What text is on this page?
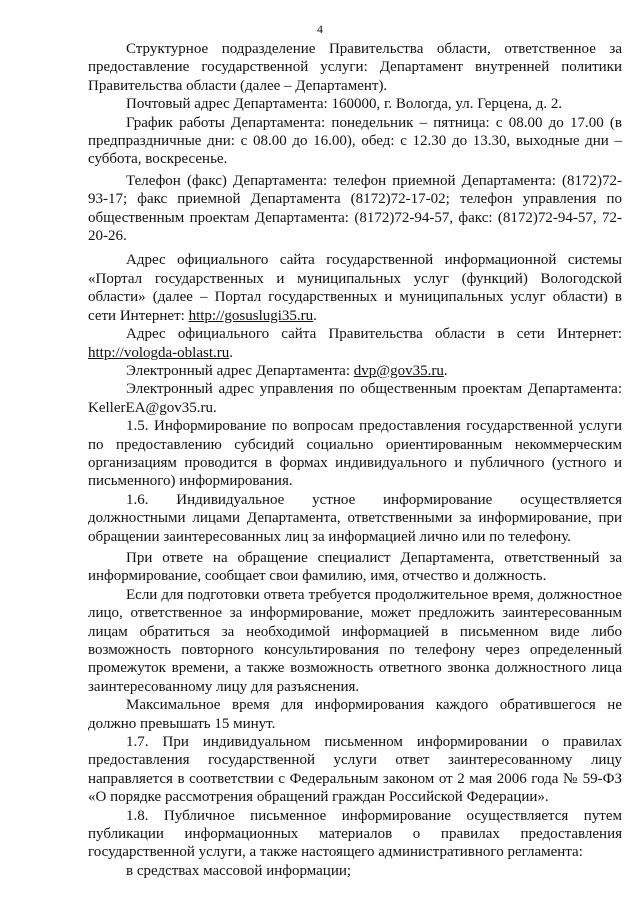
4

Структурное подразделение Правительства области, ответственное за предоставление государственной услуги: Департамент внутренней политики Правительства области (далее – Департамент).

Почтовый адрес Департамента: 160000, г. Вологда, ул. Герцена, д. 2.

График работы Департамента: понедельник – пятница: с 08.00 до 17.00 (в предпраздничные дни: с 08.00 до 16.00), обед: с 12.30 до 13.30, выходные дни – суббота, воскресенье.

Телефон (факс) Департамента: телефон приемной Департамента: (8172)72-93-17; факс приемной Департамента (8172)72-17-02; телефон управления по общественным проектам Департамента: (8172)72-94-57, факс: (8172)72-94-57, 72-20-26.

Адрес официального сайта государственной информационной системы «Портал государственных и муниципальных услуг (функций) Вологодской области» (далее – Портал государственных и муниципальных услуг области) в сети Интернет: http://gosuslugi35.ru.

Адрес официального сайта Правительства области в сети Интернет: http://vologda-oblast.ru.

Электронный адрес Департамента: dvp@gov35.ru.

Электронный адрес управления по общественным проектам Департамента: KellerEA@gov35.ru.

1.5. Информирование по вопросам предоставления государственной услуги по предоставлению субсидий социально ориентированным некоммерческим организациям проводится в формах индивидуального и публичного (устного и письменного) информирования.

1.6. Индивидуальное устное информирование осуществляется должностными лицами Департамента, ответственными за информирование, при обращении заинтересованных лиц за информацией лично или по телефону.

При ответе на обращение специалист Департамента, ответственный за информирование, сообщает свои фамилию, имя, отчество и должность.

Если для подготовки ответа требуется продолжительное время, должностное лицо, ответственное за информирование, может предложить заинтересованным лицам обратиться за необходимой информацией в письменном виде либо возможность повторного консультирования по телефону через определенный промежуток времени, а также возможность ответного звонка должностного лица заинтересованному лицу для разъяснения.

Максимальное время для информирования каждого обратившегося не должно превышать 15 минут.

1.7. При индивидуальном письменном информировании о правилах предоставления государственной услуги ответ заинтересованному лицу направляется в соответствии с Федеральным законом от 2 мая 2006 года № 59-ФЗ «О порядке рассмотрения обращений граждан Российской Федерации».

1.8. Публичное письменное информирование осуществляется путем публикации информационных материалов о правилах предоставления государственной услуги, а также настоящего административного регламента:

в средствах массовой информации;
